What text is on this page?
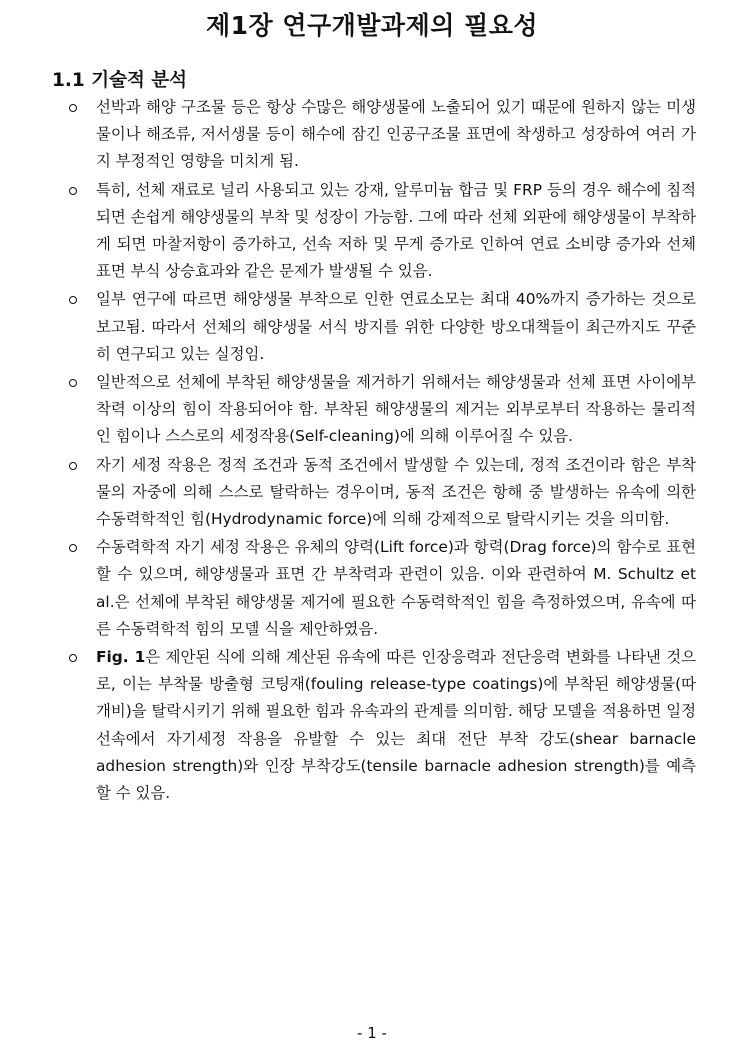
제1장 연구개발과제의 필요성
1.1 기술적 분석
선박과 해양 구조물 등은 항상 수많은 해양생물에 노출되어 있기 때문에 원하지 않는 미생물이나 해조류, 저서생물 등이 해수에 잠긴 인공구조물 표면에 착생하고 성장하여 여러 가지 부정적인 영향을 미치게 됨.
특히, 선체 재료로 널리 사용되고 있는 강재, 알루미늄 합금 및 FRP 등의 경우 해수에 침적되면 손쉽게 해양생물의 부착 및 성장이 가능함. 그에 따라 선체 외판에 해양생물이 부착하게 되면 마찰저항이 증가하고, 선속 저하 및 무게 증가로 인하여 연료 소비량 증가와 선체 표면 부식 상승효과와 같은 문제가 발생될 수 있음.
일부 연구에 따르면 해양생물 부착으로 인한 연료소모는 최대 40%까지 증가하는 것으로 보고됨. 따라서 선체의 해양생물 서식 방지를 위한 다양한 방오대책들이 최근까지도 꾸준히 연구되고 있는 실정임.
일반적으로 선체에 부착된 해양생물을 제거하기 위해서는 해양생물과 선체 표면 사이에부착력 이상의 힘이 작용되어야 함. 부착된 해양생물의 제거는 외부로부터 작용하는 물리적인 힘이나 스스로의 세정작용(Self-cleaning)에 의해 이루어질 수 있음.
자기 세정 작용은 정적 조건과 동적 조건에서 발생할 수 있는데, 정적 조건이라 함은 부착물의 자중에 의해 스스로 탈락하는 경우이며, 동적 조건은 항해 중 발생하는 유속에 의한 수동력학적인 힘(Hydrodynamic force)에 의해 강제적으로 탈락시키는 것을 의미함.
수동력학적 자기 세정 작용은 유체의 양력(Lift force)과 항력(Drag force)의 함수로 표현할 수 있으며, 해양생물과 표면 간 부착력과 관련이 있음. 이와 관련하여 M. Schultz et al.은 선체에 부착된 해양생물 제거에 필요한 수동력학적인 힘을 측정하였으며, 유속에 따른 수동력학적 힘의 모델 식을 제안하였음.
Fig. 1은 제안된 식에 의해 계산된 유속에 따른 인장응력과 전단응력 변화를 나타낸 것으로, 이는 부착물 방출형 코팅재(fouling release-type coatings)에 부착된 해양생물(따개비)을 탈락시키기 위해 필요한 힘과 유속과의 관계를 의미함. 해당 모델을 적용하면 일정 선속에서 자기세정 작용을 유발할 수 있는 최대 전단 부착 강도(shear barnacle adhesion strength)와 인장 부착강도(tensile barnacle adhesion strength)를 예측할 수 있음.
- 1 -
